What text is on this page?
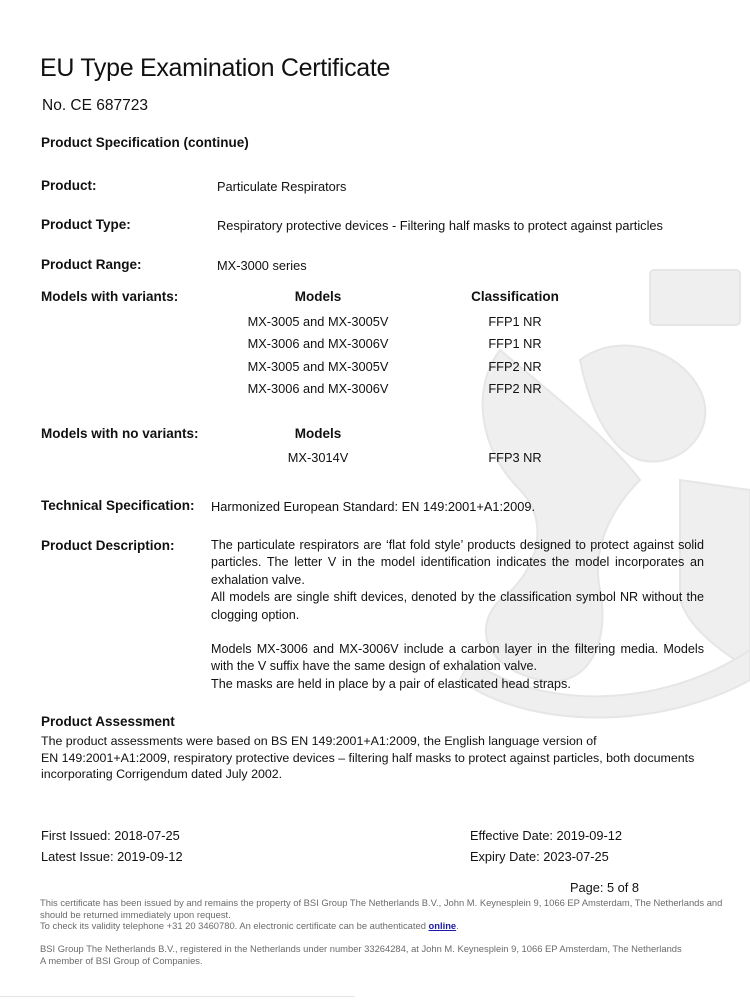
EU Type Examination Certificate
No. CE 687723
Product Specification (continue)
Product:	Particulate Respirators
Product Type:	Respiratory protective devices - Filtering half masks to protect against particles
Product Range:	MX-3000 series
Models with variants:	Models	Classification
MX-3005 and MX-3005V	FFP1 NR
MX-3006 and MX-3006V	FFP1 NR
MX-3005 and MX-3005V	FFP2 NR
MX-3006 and MX-3006V	FFP2 NR
Models with no variants:	Models
MX-3014V	FFP3 NR
Technical Specification: Harmonized European Standard: EN 149:2001+A1:2009.
Product Description:	The particulate respirators are ‘flat fold style’ products designed to protect against solid particles. The letter V in the model identification indicates the model incorporates an exhalation valve.

All models are single shift devices, denoted by the classification symbol NR without the clogging option.

Models MX-3006 and MX-3006V include a carbon layer in the filtering media. Models with the V suffix have the same design of exhalation valve.

The masks are held in place by a pair of elasticated head straps.

Product Assessment

The product assessments were based on BS EN 149:2001+A1:2009, the English language version of

EN 149:2001+A1:2009, respiratory protective devices – filtering half masks to protect against particles, both documents

incorporating Corrigendum dated July 2002.

First Issued: 2018-07-25
Latest Issue: 2019-09-12
Effective Date: 2019-09-12
Expiry Date: 2023-07-25
Page: 5 of 8

This certificate has been issued by and remains the property of BSI Group The Netherlands B.V., John M. Keynesplein 9, 1066 EP Amsterdam, The Netherlands and

should be returned immediately upon request.

To check its validity telephone +31 20 3460780. An electronic certificate can be authenticated online.

BSI Group The Netherlands B.V., registered in the Netherlands under number 33264284, at John M. Keynesplein 9, 1066 EP Amsterdam, The Netherlands

A member of BSI Group of Companies.
